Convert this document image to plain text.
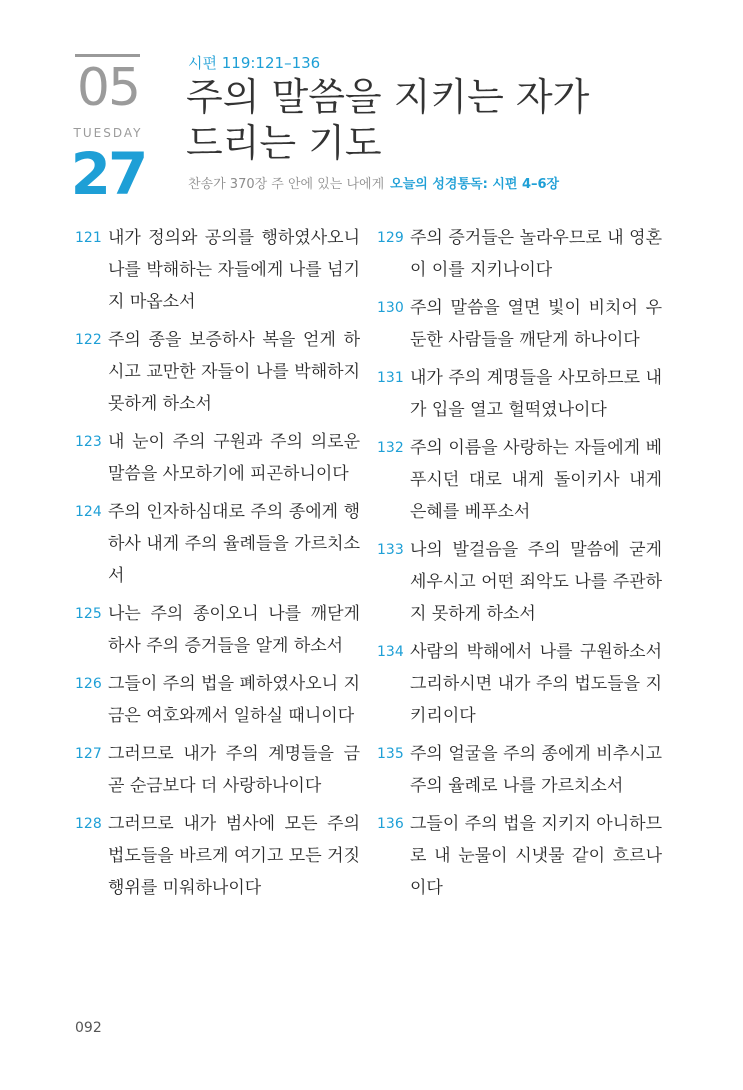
05
TUESDAY
27
시편 119:121–136
주의 말씀을 지키는 자가
드리는 기도
찬송가 370장 주 안에 있는 나에게 오늘의 성경통독: 시편 4–6장
121 내가 정의와 공의를 행하였사오니 나를 박해하는 자들에게 나를 넘기지 마옵소서
122 주의 종을 보증하사 복을 얻게 하시고 교만한 자들이 나를 박해하지 못하게 하소서
123 내 눈이 주의 구원과 주의 의로운 말씀을 사모하기에 피곤하니이다
124 주의 인자하심대로 주의 종에게 행하사 내게 주의 율례들을 가르치소서
125 나는 주의 종이오니 나를 깨닫게 하사 주의 증거들을 알게 하소서
126 그들이 주의 법을 폐하였사오니 지금은 여호와께서 일하실 때니이다
127 그러므로 내가 주의 계명들을 금 곧 순금보다 더 사랑하나이다
128 그러므로 내가 범사에 모든 주의 법도들을 바르게 여기고 모든 거짓 행위를 미워하나이다
129 주의 증거들은 놀라우므로 내 영혼이 이를 지키나이다
130 주의 말씀을 열면 빛이 비치어 우둔한 사람들을 깨닫게 하나이다
131 내가 주의 계명들을 사모하므로 내가 입을 열고 헐떡였나이다
132 주의 이름을 사랑하는 자들에게 베푸시던 대로 내게 돌이키사 내게 은혜를 베푸소서
133 나의 발걸음을 주의 말씀에 굳게 세우시고 어떤 죄악도 나를 주관하지 못하게 하소서
134 사람의 박해에서 나를 구원하소서 그리하시면 내가 주의 법도들을 지키리이다
135 주의 얼굴을 주의 종에게 비추시고 주의 율례로 나를 가르치소서
136 그들이 주의 법을 지키지 아니하므로 내 눈물이 시냇물 같이 흐르나이다
092
